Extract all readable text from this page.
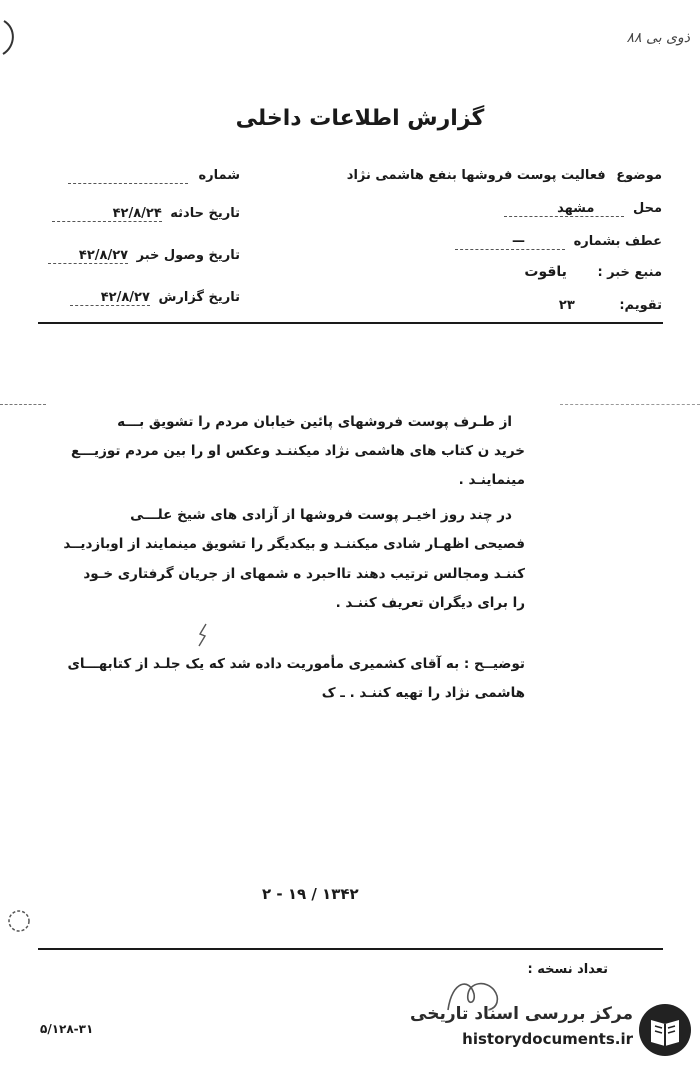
ذوی بی‌ ۸۸
گزارش اطلاعات داخلی
موضوع فعالیت پوست فروشها بنفع هاشمی نژاد
محل مشهد
عطف بشماره —
منبع خبر : یاقوت
تقویم: ۲۳
شماره
تاریخ حادثه ۴۲/۸/۲۴
تاریخ وصول خبر ۴۲/۸/۲۷
تاریخ گزارش ۴۲/۸/۲۷
از طـرف پوست فروشهای پائین خیابان مردم را تشویق بـــه
خرید ن کتاب های هاشمی نژاد میکننـد وعکس او را بین مردم توزیـــع
مینماینـد .
در چند روز اخیـر پوست فروشها از آزادی های شیخ علـــی
فصیحی اظهـار شادی میکننـد و بیکدیگر را تشویق مینمایند از اوبازدیــد
کننـد ومجالس ترتیب دهند تااحبرد ه شمهای از جریان گرفتاری خـود
را برای دیگران تعریف کننـد .
توضیــح : به آقای کشمیری مأموریت داده شد که یک جلـد از کتابهـــای
هاشمی نژاد را تهیه کننـد . ـ ک
۲ - ۱۹ / ۱۳۴۲
تعداد نسخه :
۵/۱۲۸-۳۱
مرکز بررسی اسناد تاریخی
historydocuments.ir
